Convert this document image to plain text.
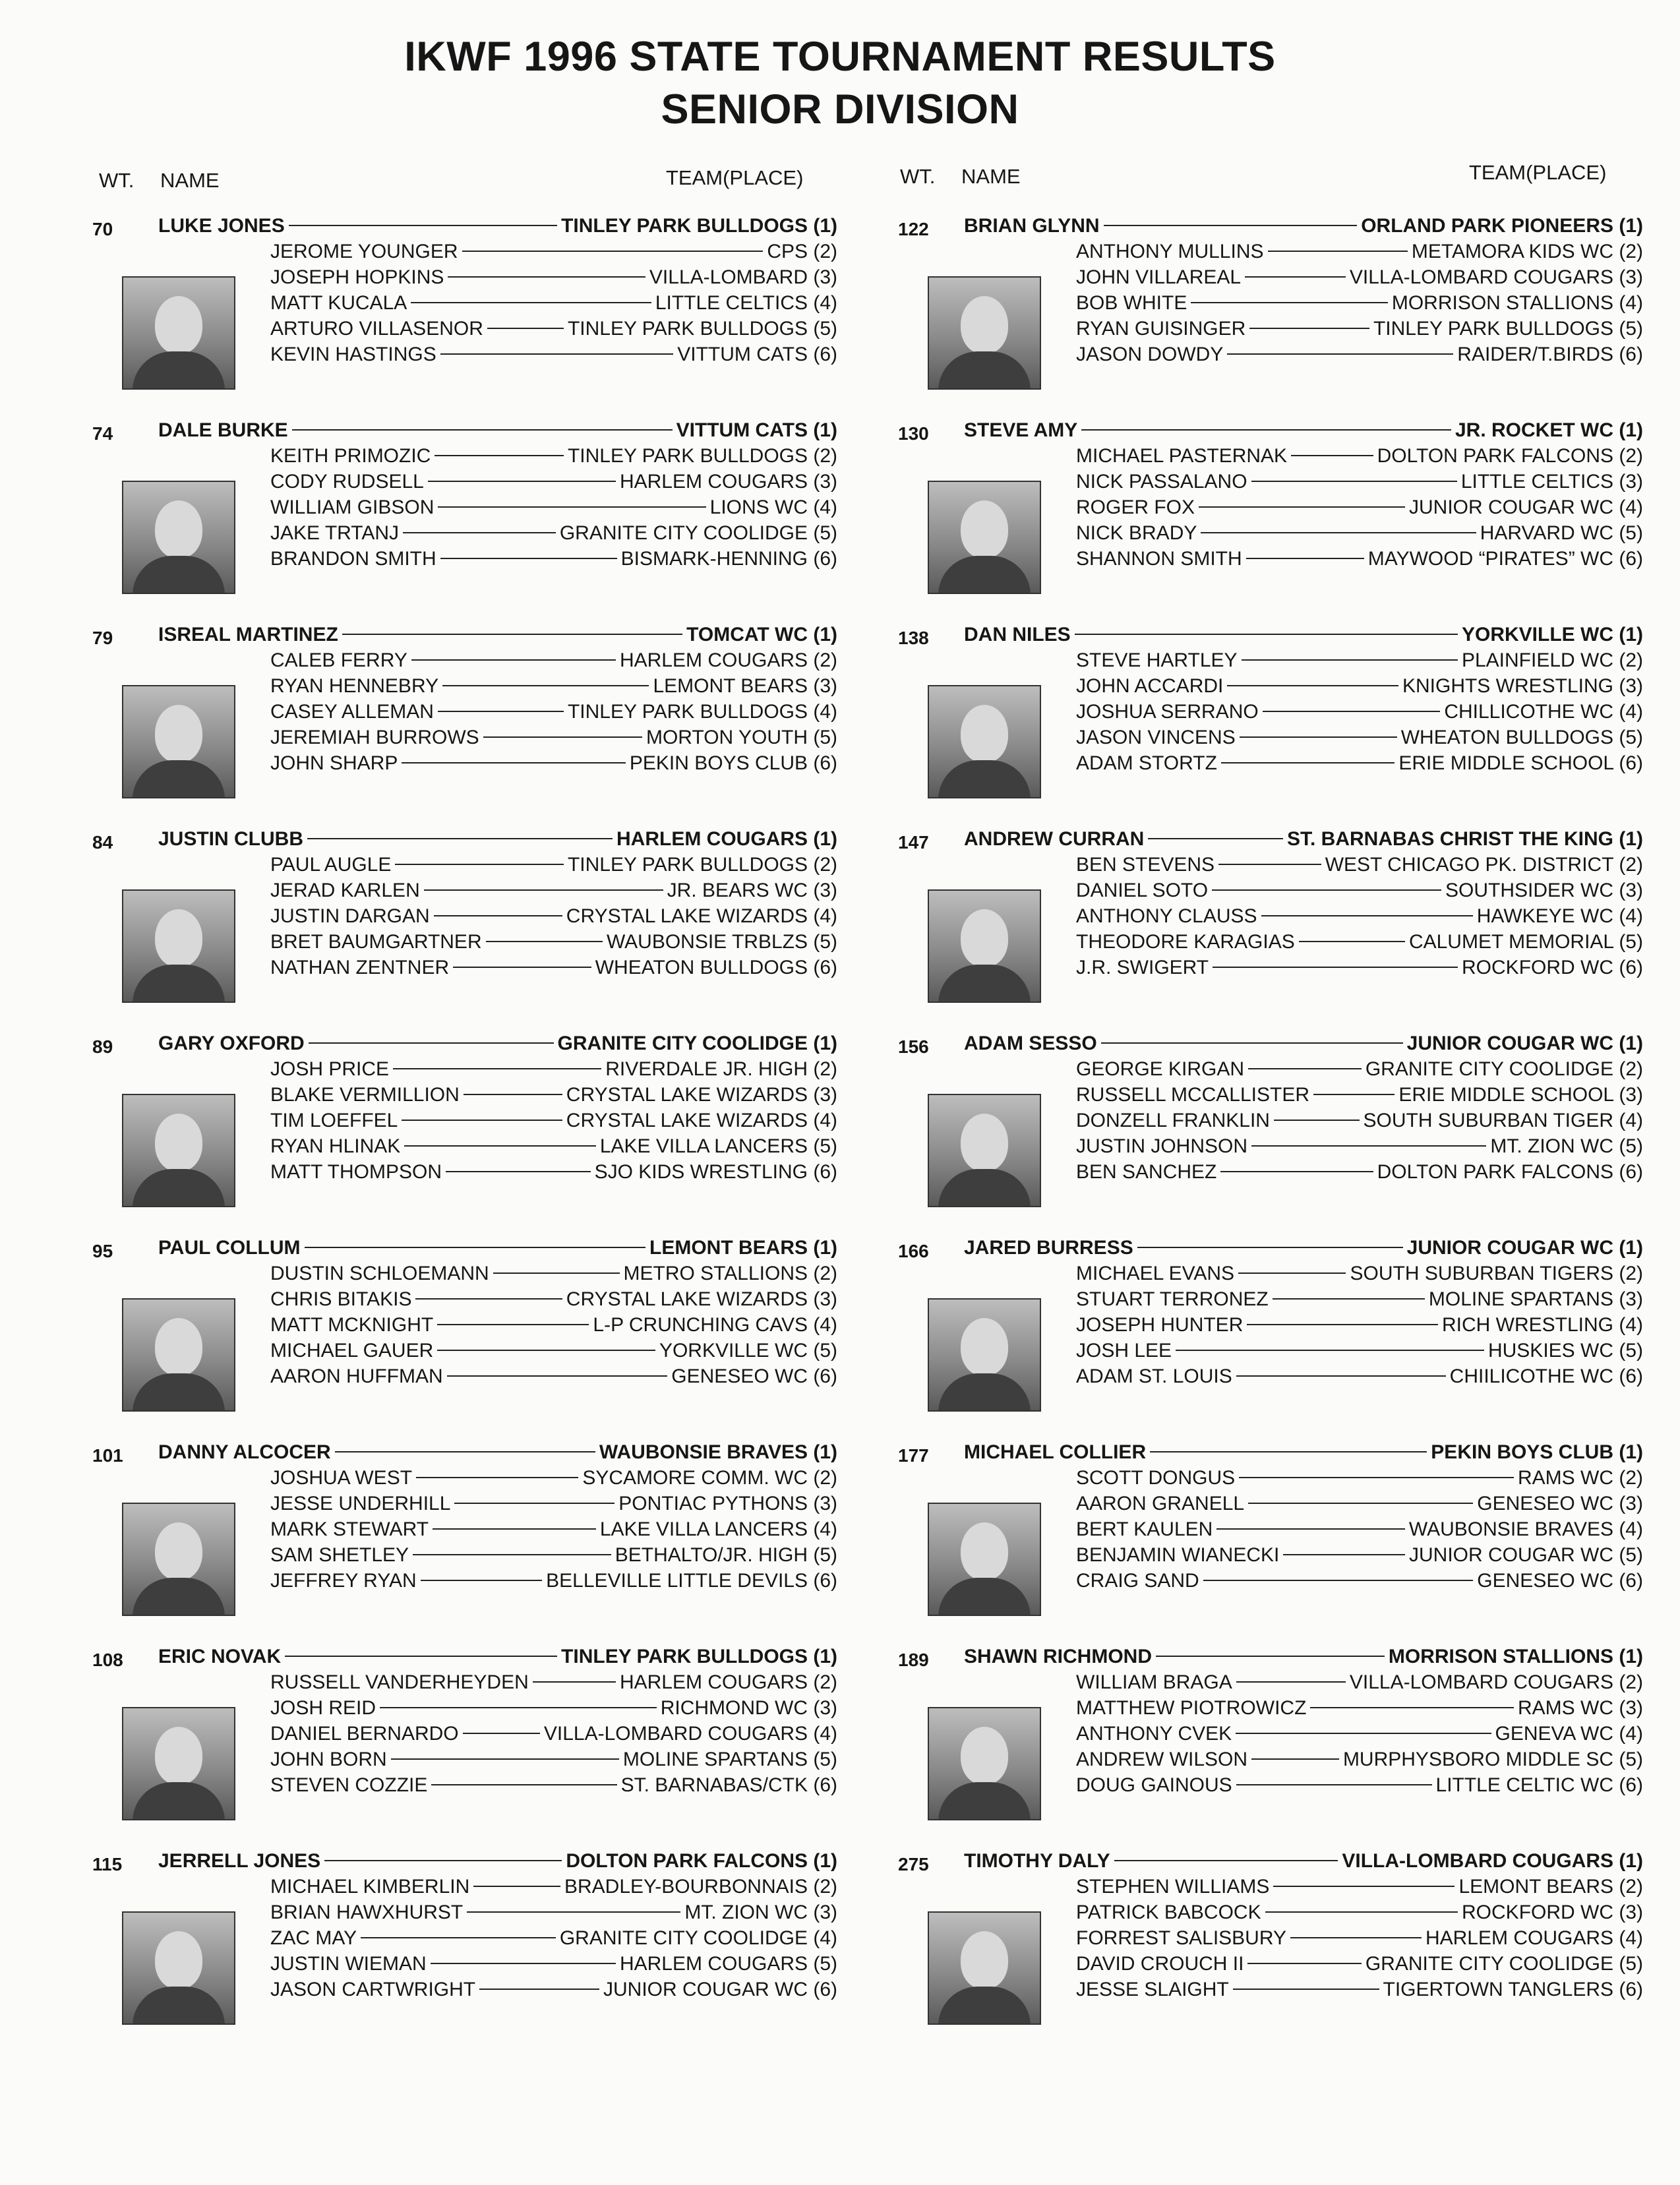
IKWF 1996 STATE TOURNAMENT RESULTS
SENIOR DIVISION
WT. NAME	TEAM(PLACE)	WT. NAME	TEAM(PLACE)
70 LUKE JONES	TINLEY PARK BULLDOGS (1)
JEROME YOUNGER	CPS (2)
JOSEPH HOPKINS	VILLA-LOMBARD (3)
MATT KUCALA	LITTLE CELTICS (4)
ARTURO VILLASENOR	TINLEY PARK BULLDOGS (5)
KEVIN HASTINGS	VITTUM CATS (6)
74 DALE BURKE	VITTUM CATS (1)
KEITH PRIMOZIC	TINLEY PARK BULLDOGS (2)
CODY RUDSELL	HARLEM COUGARS (3)
WILLIAM GIBSON	LIONS WC (4)
JAKE TRTANJ	GRANITE CITY COOLIDGE (5)
BRANDON SMITH	BISMARK-HENNING (6)
79 ISREAL MARTINEZ	TOMCAT WC (1)
CALEB FERRY	HARLEM COUGARS (2)
RYAN HENNEBRY	LEMONT BEARS (3)
CASEY ALLEMAN	TINLEY PARK BULLDOGS (4)
JEREMIAH BURROWS	MORTON YOUTH (5)
JOHN SHARP	PEKIN BOYS CLUB (6)
84 JUSTIN CLUBB	HARLEM COUGARS (1)
PAUL AUGLE	TINLEY PARK BULLDOGS (2)
JERAD KARLEN	JR. BEARS WC (3)
JUSTIN DARGAN	CRYSTAL LAKE WIZARDS (4)
BRET BAUMGARTNER	WAUBONSIE TRBLZS (5)
NATHAN ZENTNER	WHEATON BULLDOGS (6)
89 GARY OXFORD	GRANITE CITY COOLIDGE (1)
JOSH PRICE	RIVERDALE JR. HIGH (2)
BLAKE VERMILLION	CRYSTAL LAKE WIZARDS (3)
TIM LOEFFEL	CRYSTAL LAKE WIZARDS (4)
RYAN HLINAK	LAKE VILLA LANCERS (5)
MATT THOMPSON	SJO KIDS WRESTLING (6)
95 PAUL COLLUM	LEMONT BEARS (1)
DUSTIN SCHLOEMANN	METRO STALLIONS (2)
CHRIS BITAKIS	CRYSTAL LAKE WIZARDS (3)
MATT MCKNIGHT	L-P CRUNCHING CAVS (4)
MICHAEL GAUER	YORKVILLE WC (5)
AARON HUFFMAN	GENESEO WC (6)
101 DANNY ALCOCER	WAUBONSIE BRAVES (1)
JOSHUA WEST	SYCAMORE COMM. WC (2)
JESSE UNDERHILL	PONTIAC PYTHONS (3)
MARK STEWART	LAKE VILLA LANCERS (4)
SAM SHETLEY	BETHALTO/JR. HIGH (5)
JEFFREY RYAN	BELLEVILLE LITTLE DEVILS (6)
108 ERIC NOVAK	TINLEY PARK BULLDOGS (1)
RUSSELL VANDERHEYDEN	HARLEM COUGARS (2)
JOSH REID	RICHMOND WC (3)
DANIEL BERNARDO	VILLA-LOMBARD COUGARS (4)
JOHN BORN	MOLINE SPARTANS (5)
STEVEN COZZIE	ST. BARNABAS/CTK (6)
115 JERRELL JONES	DOLTON PARK FALCONS (1)
MICHAEL KIMBERLIN	BRADLEY-BOURBONNAIS (2)
BRIAN HAWXHURST	MT. ZION WC (3)
ZAC MAY	GRANITE CITY COOLIDGE (4)
JUSTIN WIEMAN	HARLEM COUGARS (5)
JASON CARTWRIGHT	JUNIOR COUGAR WC (6)
122 BRIAN GLYNN	ORLAND PARK PIONEERS (1)
ANTHONY MULLINS	METAMORA KIDS WC (2)
JOHN VILLAREAL	VILLA-LOMBARD COUGARS (3)
BOB WHITE	MORRISON STALLIONS (4)
RYAN GUISINGER	TINLEY PARK BULLDOGS (5)
JASON DOWDY	RAIDER/T.BIRDS (6)
130 STEVE AMY	JR. ROCKET WC (1)
MICHAEL PASTERNAK	DOLTON PARK FALCONS (2)
NICK PASSALANO	LITTLE CELTICS (3)
ROGER FOX	JUNIOR COUGAR WC (4)
NICK BRADY	HARVARD WC (5)
SHANNON SMITH	MAYWOOD “PIRATES” WC (6)
138 DAN NILES	YORKVILLE WC (1)
STEVE HARTLEY	PLAINFIELD WC (2)
JOHN ACCARDI	KNIGHTS WRESTLING (3)
JOSHUA SERRANO	CHILLICOTHE WC (4)
JASON VINCENS	WHEATON BULLDOGS (5)
ADAM STORTZ	ERIE MIDDLE SCHOOL (6)
147 ANDREW CURRAN	ST. BARNABAS CHRIST THE KING (1)
BEN STEVENS	WEST CHICAGO PK. DISTRICT (2)
DANIEL SOTO	SOUTHSIDER WC (3)
ANTHONY CLAUSS	HAWKEYE WC (4)
THEODORE KARAGIAS	CALUMET MEMORIAL (5)
J.R. SWIGERT	ROCKFORD WC (6)
156 ADAM SESSO	JUNIOR COUGAR WC (1)
GEORGE KIRGAN	GRANITE CITY COOLIDGE (2)
RUSSELL MCCALLISTER	ERIE MIDDLE SCHOOL (3)
DONZELL FRANKLIN	SOUTH SUBURBAN TIGER (4)
JUSTIN JOHNSON	MT. ZION WC (5)
BEN SANCHEZ	DOLTON PARK FALCONS (6)
166 JARED BURRESS	JUNIOR COUGAR WC (1)
MICHAEL EVANS	SOUTH SUBURBAN TIGERS (2)
STUART TERRONEZ	MOLINE SPARTANS (3)
JOSEPH HUNTER	RICH WRESTLING (4)
JOSH LEE	HUSKIES WC (5)
ADAM ST. LOUIS	CHIILICOTHE WC (6)
177 MICHAEL COLLIER	PEKIN BOYS CLUB (1)
SCOTT DONGUS	RAMS WC (2)
AARON GRANELL	GENESEO WC (3)
BERT KAULEN	WAUBONSIE BRAVES (4)
BENJAMIN WIANECKI	JUNIOR COUGAR WC (5)
CRAIG SAND	GENESEO WC (6)
189 SHAWN RICHMOND	MORRISON STALLIONS (1)
WILLIAM BRAGA	VILLA-LOMBARD COUGARS (2)
MATTHEW PIOTROWICZ	RAMS WC (3)
ANTHONY CVEK	GENEVA WC (4)
ANDREW WILSON	MURPHYSBORO MIDDLE SC (5)
DOUG GAINOUS	LITTLE CELTIC WC (6)
275 TIMOTHY DALY	VILLA-LOMBARD COUGARS (1)
STEPHEN WILLIAMS	LEMONT BEARS (2)
PATRICK BABCOCK	ROCKFORD WC (3)
FORREST SALISBURY	HARLEM COUGARS (4)
DAVID CROUCH II	GRANITE CITY COOLIDGE (5)
JESSE SLAIGHT	TIGERTOWN TANGLERS (6)
